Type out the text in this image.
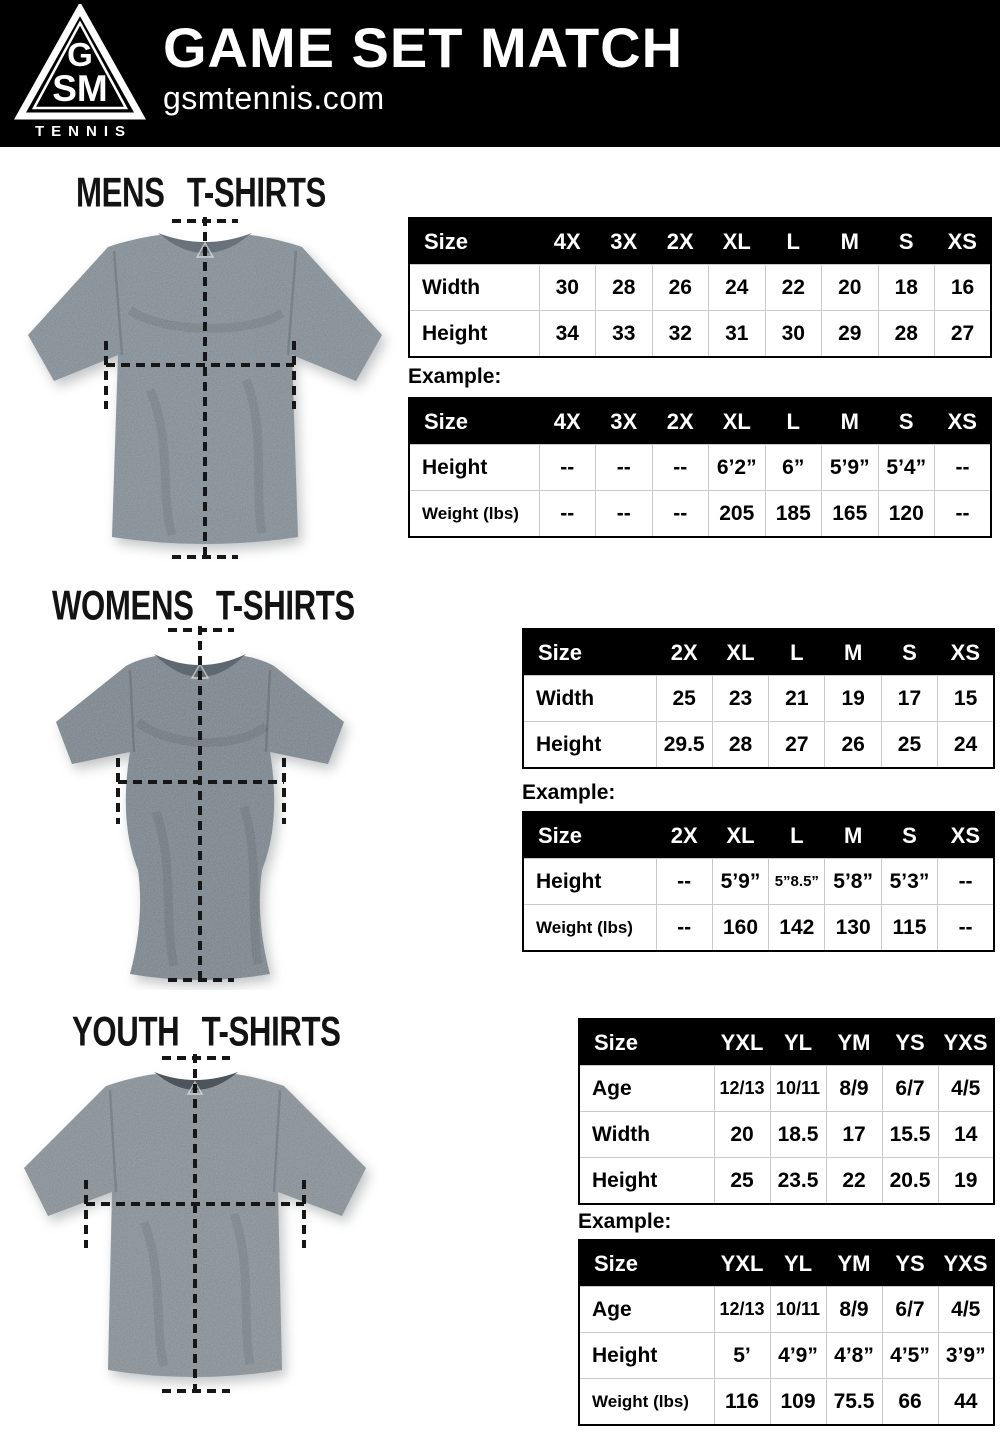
G
SM
TENNIS
GAME SET MATCH
gsmtennis.com
MENS T-SHIRTS
Size	4X	3X	2X	XL	L	M	S	XS
Width	30	28	26	24	22	20	18	16
Height	34	33	32	31	30	29	28	27
Example:
Size	4X	3X	2X	XL	L	M	S	XS
Height	--	--	--	6’2”	6”	5’9”	5’4”	--
Weight (lbs)	--	--	--	205	185	165	120	--
WOMENS T-SHIRTS
Size	2X	XL	L	M	S	XS
Width	25	23	21	19	17	15
Height	29.5	28	27	26	25	24
Example:
Size	2X	XL	L	M	S	XS
Height	--	5’9”	5”8.5”	5’8”	5’3”	--
Weight (lbs)	--	160	142	130	115	--
YOUTH T-SHIRTS	Size	YXL	YL	YM	YS	YXS
Age	12/13	10/11	8/9	6/7	4/5
Width	20	18.5	17	15.5	14
Height	25	23.5	22	20.5	19
Example:
Size	YXL	YL	YM	YS	YXS
Age	12/13	10/11	8/9	6/7	4/5
Height	5’	4’9”	4’8”	4’5”	3’9”
Weight (lbs)	116	109	75.5	66	44
